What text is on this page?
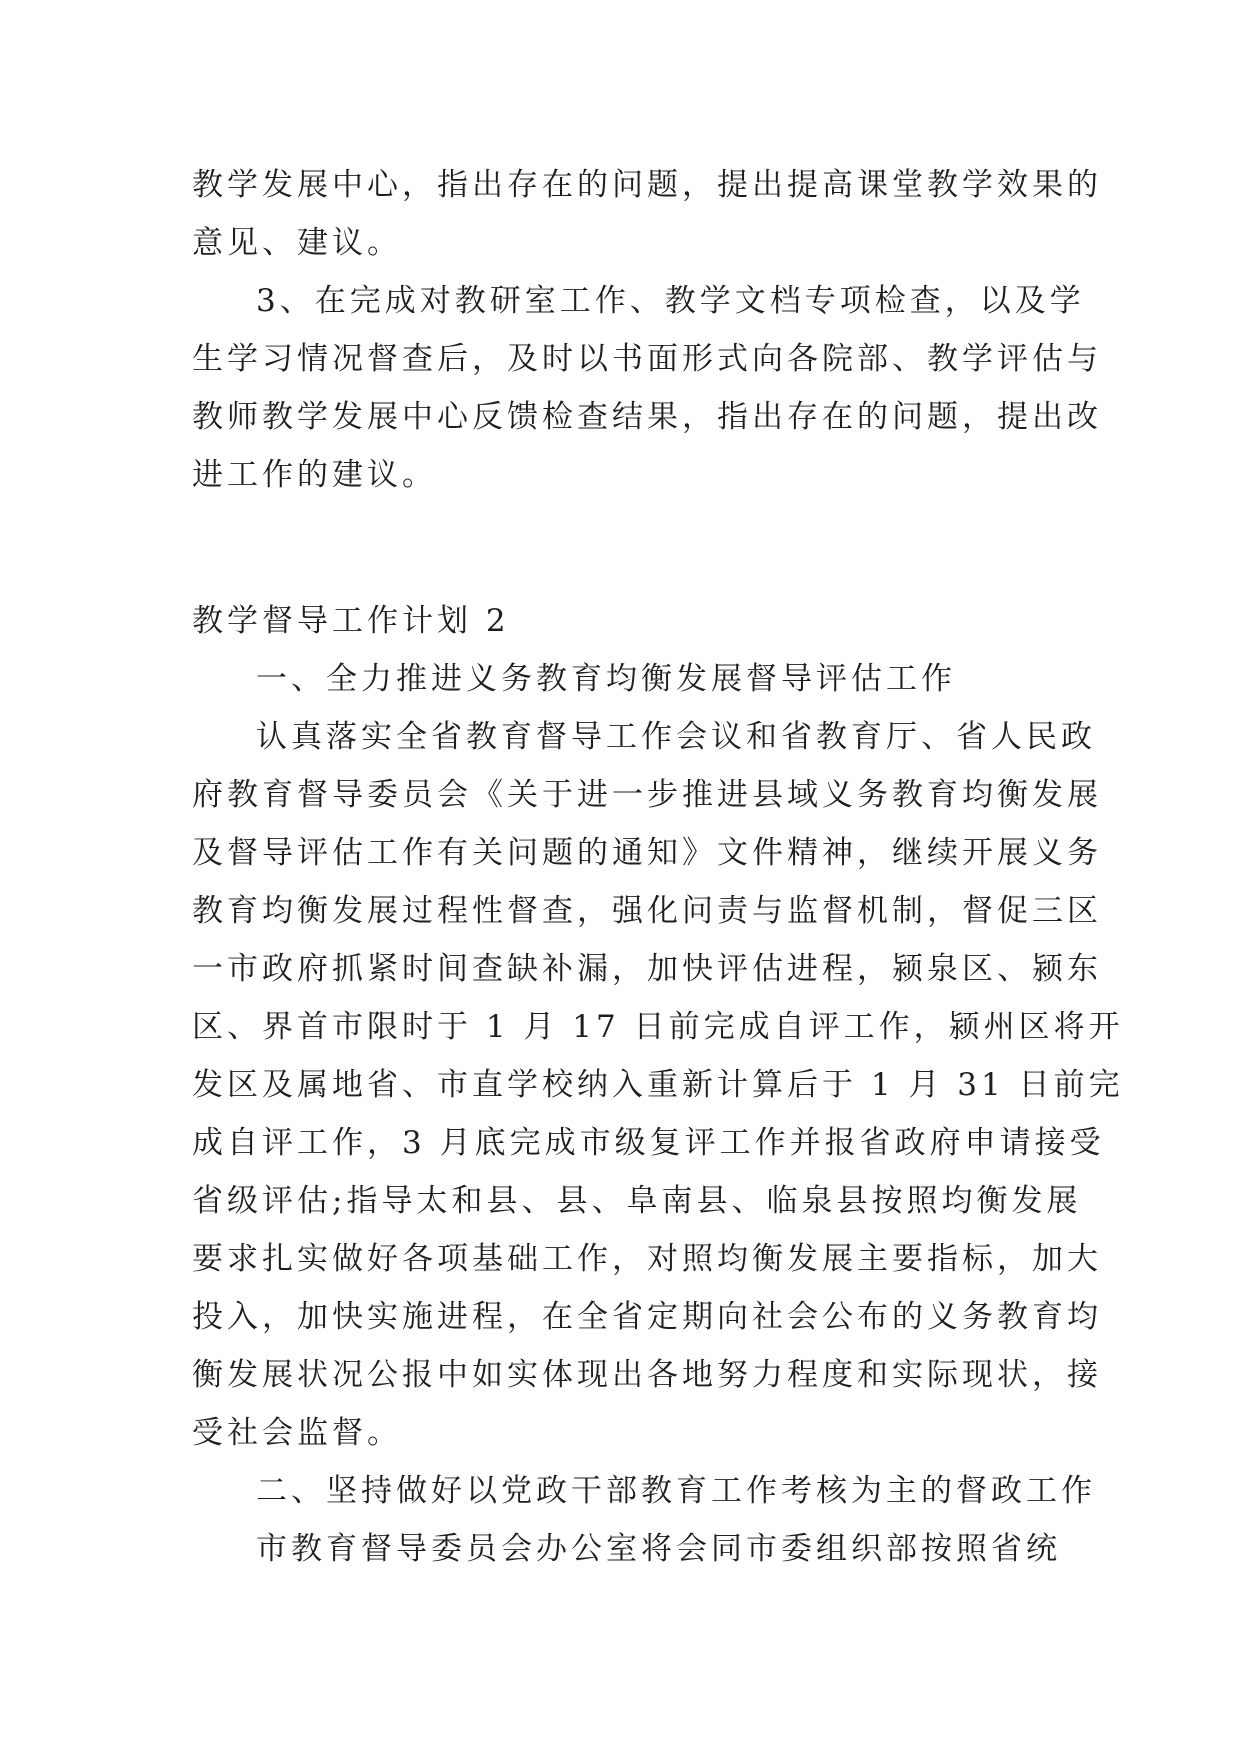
教学发展中心，指出存在的问题，提出提高课堂教学效果的
意见、建议。
3、在完成对教研室工作、教学文档专项检查，以及学
生学习情况督查后，及时以书面形式向各院部、教学评估与
教师教学发展中心反馈检查结果，指出存在的问题，提出改
进工作的建议。
教学督导工作计划 2
一、全力推进义务教育均衡发展督导评估工作
认真落实全省教育督导工作会议和省教育厅、省人民政
府教育督导委员会《关于进一步推进县域义务教育均衡发展
及督导评估工作有关问题的通知》文件精神，继续开展义务
教育均衡发展过程性督查，强化问责与监督机制，督促三区
一市政府抓紧时间查缺补漏，加快评估进程，颍泉区、颍东
区、界首市限时于 1 月 17 日前完成自评工作，颍州区将开
发区及属地省、市直学校纳入重新计算后于 1 月 31 日前完
成自评工作，3 月底完成市级复评工作并报省政府申请接受
省级评估;指导太和县、县、阜南县、临泉县按照均衡发展
要求扎实做好各项基础工作，对照均衡发展主要指标，加大
投入，加快实施进程，在全省定期向社会公布的义务教育均
衡发展状况公报中如实体现出各地努力程度和实际现状，接
受社会监督。
二、坚持做好以党政干部教育工作考核为主的督政工作
市教育督导委员会办公室将会同市委组织部按照省统
